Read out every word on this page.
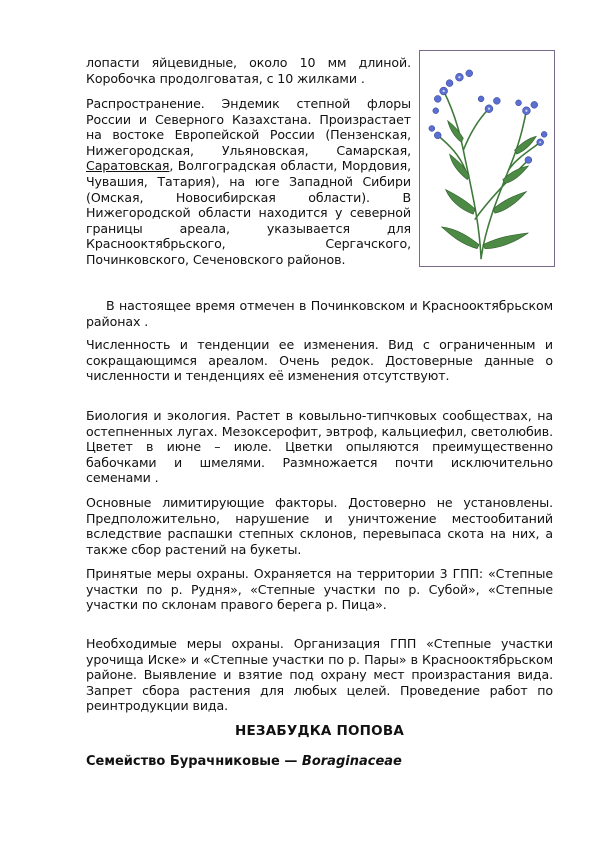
лопасти яйцевидные, около 10 мм длиной. Коробочка продолговатая, с 10 жилками .

Распространение. Эндемик степной флоры России и Северного Казахстана. Произрастает на востоке Европейской России (Пензенская, Нижегородская, Ульяновская, Самарская, Саратовская, Волгоградская области, Мордовия, Чувашия, Татария), на юге Западной Сибири (Омская, Новосибирская области). В Нижегородской области находится у северной границы ареала, указывается для Краснооктябрьского, Сергачского, Починковского, Сеченовского районов.

В настоящее время отмечен в Починковском и Краснооктябрьском районах .

Численность и тенденции ее изменения. Вид с ограниченным и сокращающимся ареалом. Очень редок. Достоверные данные о численности и тенденциях её изменения отсутствуют.

Биология и экология. Растет в ковыльно-типчковых сообществах, на остепненных лугах. Мезоксерофит, эвтроф, кальциефил, светолюбив. Цветет в июне – июле. Цветки опыляются преимущественно бабочками и шмелями. Размножается почти исключительно семенами .

Основные лимитирующие факторы. Достоверно не установлены. Предположительно, нарушение и уничтожение местообитаний вследствие распашки степных склонов, перевыпаса скота на них, а также сбор растений на букеты.

Принятые меры охраны. Охраняется на территории 3 ГПП: «Степные участки по р. Рудня», «Степные участки по р. Субой», «Степные участки по склонам правого берега р. Пица».

Необходимые меры охраны. Организация ГПП «Степные участки урочища Иске» и «Степные участки по р. Пары» в Краснооктябрьском районе. Выявление и взятие под охрану мест произрастания вида. Запрет сбора растения для любых целей. Проведение работ по реинтродукции вида.

НЕЗАБУДКА ПОПОВА
Семейство Бурачниковые — Boraginaceae
